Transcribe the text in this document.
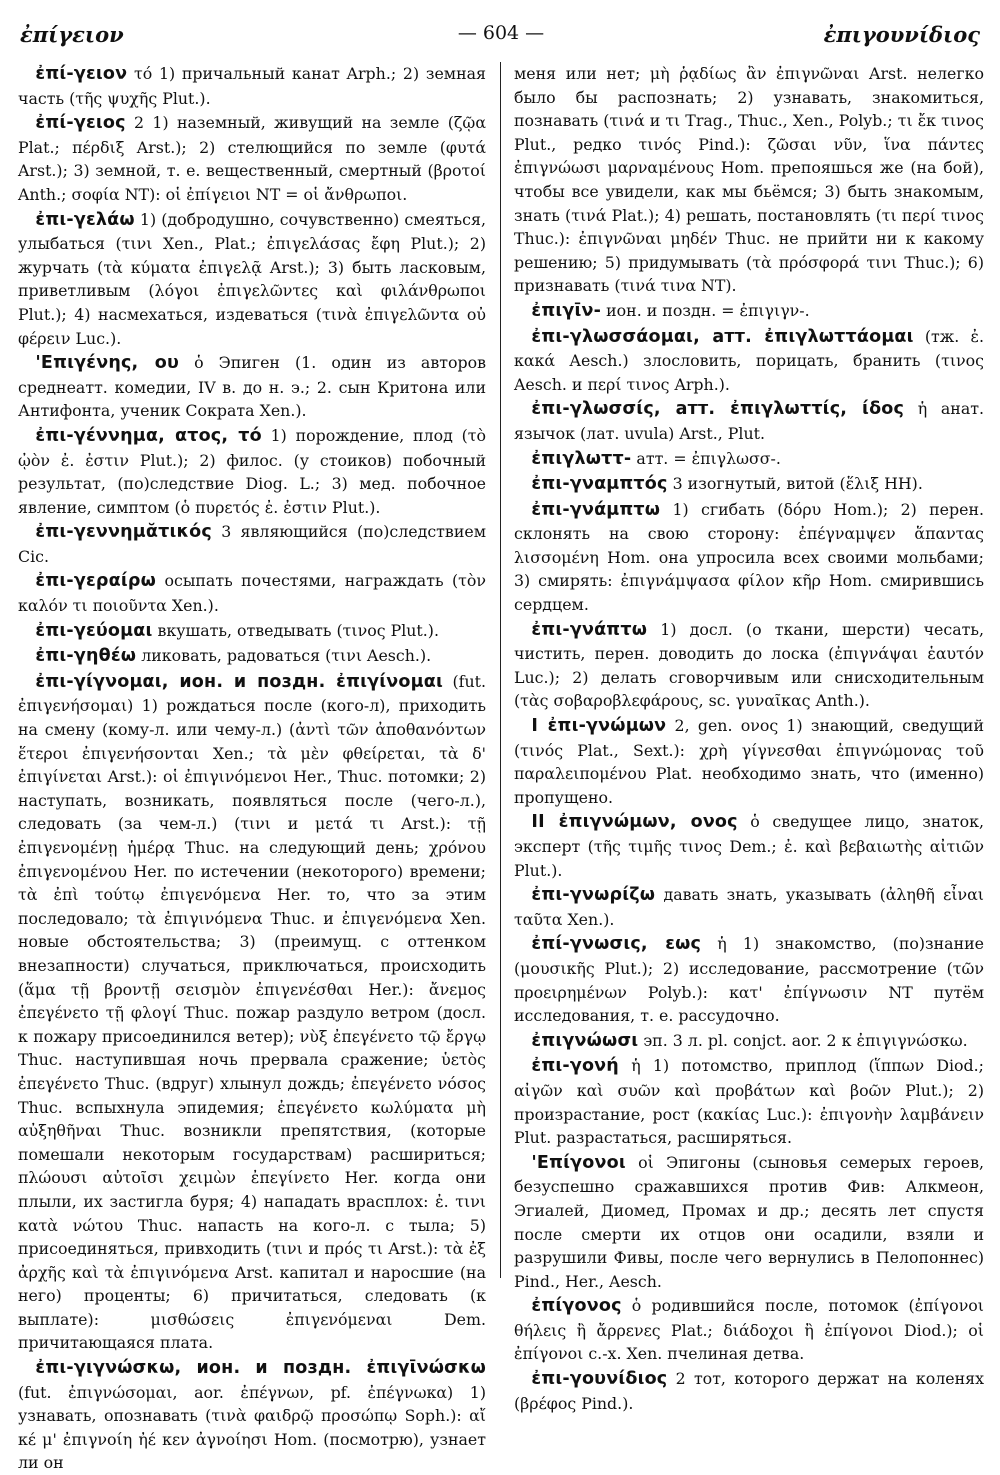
ἐπίγειον	— 604 —	ἐπιγουνίδιος

ἐπί-γειον τό 1) причальный канат Arph.; 2) земная часть (τῆς ψυχῆς Plut.).

ἐπί-γειος 2 1) наземный, живущий на земле (ζῷα Plat.; πέρδιξ Arst.); 2) стелющийся по земле (φυτά Arst.); 3) земной, т. е. вещественный, смертный (βροτοί Anth.; σοφία NT): οἱ ἐπίγειοι NT = οἱ ἄνθρωποι.

ἐπι-γελάω 1) (добродушно, сочувственно) смеяться, улыбаться (τινι Xen., Plat.; ἐπιγελάσας ἔφη Plut.); 2) журчать (τὰ κύματα ἐπιγελᾷ Arst.); 3) быть ласковым, приветливым (λόγοι ἐπιγελῶντες καὶ φιλάνθρωποι Plut.); 4) насмехаться, издеваться (τινὰ ἐπιγελῶντα οὐ φέρειν Luc.).

'Επιγένης, ου ὁ Эпиген (1. один из авторов среднеатт. комедии, IV в. до н. э.; 2. сын Критона или Антифонта, ученик Сократа Xen.).

ἐπι-γέννημα, ατος, τό 1) порождение, плод (τὸ ᾠὸν ἐ. ἐστιν Plut.); 2) филос. (у стоиков) побочный результат, (по)следствие Diog. L.; 3) мед. побочное явление, симптом (ὁ πυρετός ἐ. ἐστιν Plut.).

ἐπι-γεννημᾰτικός 3 являющийся (по)следствием Cic.

ἐπι-γεραίρω осыпать почестями, награждать (τὸν καλόν τι ποιοῦντα Xen.).

ἐπι-γεύομαι вкушать, отведывать (τινος Plut.).

ἐπι-γηθέω ликовать, радоваться (τινι Aesch.).

ἐπι-γίγνομαι, ион. и поздн. ἐπιγίνομαι (fut. ἐπιγενήσομαι) 1) рождаться после (кого-л), приходить на смену (кому-л. или чему-л.) (ἀντὶ τῶν ἀποθανόντων ἕτεροι ἐπιγενήσονται Xen.; τὰ μὲν φθείρεται, τὰ δ' ἐπιγίνεται Arst.): οἱ ἐπιγινόμενοι Her., Thuc. потомки; 2) наступать, возникать, появляться после (чего-л.), следовать (за чем-л.) (τινι и μετά τι Arst.): τῇ ἐπιγενομένῃ ἡμέρᾳ Thuc. на следующий день; χρόνου ἐπιγενομένου Her. по истечении (некоторого) времени; τὰ ἐπὶ τούτῳ ἐπιγενόμενα Her. то, что за этим последовало; τὰ ἐπιγινόμενα Thuc. и ἐπιγενόμενα Xen. новые обстоятельства; 3) (преимущ. с оттенком внезапности) случаться, приключаться, происходить (ἅμα τῇ βροντῇ σεισμὸν ἐπιγενέσθαι Her.): ἄνεμος ἐπεγένετο τῇ φλογί Thuc. пожар раздуло ветром (досл. к пожару присоединился ветер); νὺξ ἐπεγένετο τῷ ἔργῳ Thuc. наступившая ночь прервала сражение; ὑετὸς ἐπεγένετο Thuc. (вдруг) хлынул дождь; ἐπεγένετο νόσος Thuc. вспыхнула эпидемия; ἐπεγένετο κωλύματα μὴ αὐξηθῆναι Thuc. возникли препятствия, (которые помешали некоторым государствам) расшириться; πλώουσι αὐτοῖσι χειμὼν ἐπεγίνετο Her. когда они плыли, их застигла буря; 4) нападать врасплох: ἐ. τινι κατὰ νώτου Thuc. напасть на кого-л. с тыла; 5) присоединяться, привходить (τινι и πρός τι Arst.): τὰ ἐξ ἀρχῆς καὶ τὰ ἐπιγινόμενα Arst. капитал и наросшие (на него) проценты; 6) причитаться, следовать (к выплате): μισθώσεις ἐπιγενόμεναι Dem. причитающаяся плата.

ἐπι-γιγνώσκω, ион. и поздн. ἐπιγῑνώσκω (fut. ἐπιγνώσομαι, aor. ἐπέγνων, pf. ἐπέγνωκα) 1) узнавать, опознавать (τινὰ φαιδρῷ προσώπῳ Soph.): αἴ κέ μ' ἐπιγνοίη ἠέ κεν ἀγνοίησι Hom. (посмотрю), узнает ли он

меня или нет; μὴ ῥᾳδίως ἂν ἐπιγνῶναι Arst. нелегко было бы распознать; 2) узнавать, знакомиться, познавать (τινά и τι Trag., Thuc., Xen., Polyb.; τι ἔκ τινος Plut., редко τινός Pind.): ζῶσαι νῦν, ἵνα πάντες ἐπιγνώωσι μαρναμένους Hom. препояшься же (на бой), чтобы все увидели, как мы бьёмся; 3) быть знакомым, знать (τινά Plat.); 4) решать, постановлять (τι περί τινος Thuc.): ἐπιγνῶναι μηδέν Thuc. не прийти ни к какому решению; 5) придумывать (τὰ πρόσφορά τινι Thuc.); 6) признавать (τινά τινα NT).

ἐπιγῑν- ион. и поздн. = ἐπιγιγν-.

ἐπι-γλωσσάομαι, атт. ἐπιγλωττάομαι (тж. ἐ. κακά Aesch.) злословить, порицать, бранить (τινος Aesch. и περί τινος Arph.).

ἐπι-γλωσσίς, атт. ἐπιγλωττίς, ίδος ἡ анат. язычок (лат. uvula) Arst., Plut.

ἐπιγλωττ- атт. = ἐπιγλωσσ-.

ἐπι-γναμπτός 3 изогнутый, витой (ἕλιξ HH).

ἐπι-γνάμπτω 1) сгибать (δόρυ Hom.); 2) перен. склонять на свою сторону: ἐπέγναμψεν ἅπαντας λισσομένη Hom. она упросила всех своими мольбами; 3) смирять: ἐπιγνάμψασα φίλον κῆρ Hom. смирившись сердцем.

ἐπι-γνάπτω 1) досл. (о ткани, шерсти) чесать, чистить, перен. доводить до лоска (ἐπιγνάψαι ἑαυτόν Luc.); 2) делать сговорчивым или снисходительным (τὰς σοβαροβλεφάρους, sc. γυναῖκας Anth.).

I ἐπι-γνώμων 2, gen. ονος 1) знающий, сведущий (τινός Plat., Sext.): χρὴ γίγνεσθαι ἐπιγνώμονας τοῦ παραλειπομένου Plat. необходимо знать, что (именно) пропущено.

II ἐπιγνώμων, ονος ὁ сведущее лицо, знаток, эксперт (τῆς τιμῆς τινος Dem.; ἐ. καὶ βεβαιωτὴς αἰτιῶν Plut.).

ἐπι-γνωρίζω давать знать, указывать (ἀληθῆ εἶναι ταῦτα Xen.).

ἐπί-γνωσις, εως ἡ 1) знакомство, (по)знание (μουσικῆς Plut.); 2) исследование, рассмотрение (τῶν προειρημένων Polyb.): κατ' ἐπίγνωσιν NT путём исследования, т. е. рассудочно.

ἐπιγνώωσι эп. 3 л. pl. conjct. aor. 2 к ἐπιγιγνώσκω.

ἐπι-γονή ἡ 1) потомство, приплод (ἵππων Diod.; αἰγῶν καὶ συῶν καὶ προβάτων καὶ βοῶν Plut.); 2) произрастание, рост (κακίας Luc.): ἐπιγονὴν λαμβάνειν Plut. разрастаться, расширяться.

'Επίγονοι οἱ Эпигоны (сыновья семерых героев, безуспешно сражавшихся против Фив: Алкмеон, Эгиалей, Диомед, Промах и др.; десять лет спустя после смерти их отцов они осадили, взяли и разрушили Фивы, после чего вернулись в Пелопоннес) Pind., Her., Aesch.

ἐπίγονος ὁ родившийся после, потомок (ἐπίγονοι θήλεις ἢ ἄρρενες Plat.; διάδοχοι ἢ ἐπίγονοι Diod.); οἱ ἐπίγονοι с.-х. Xen. пчелиная детва.

ἐπι-γουνίδιος 2 тот, которого держат на коленях (βρέφος Pind.).
